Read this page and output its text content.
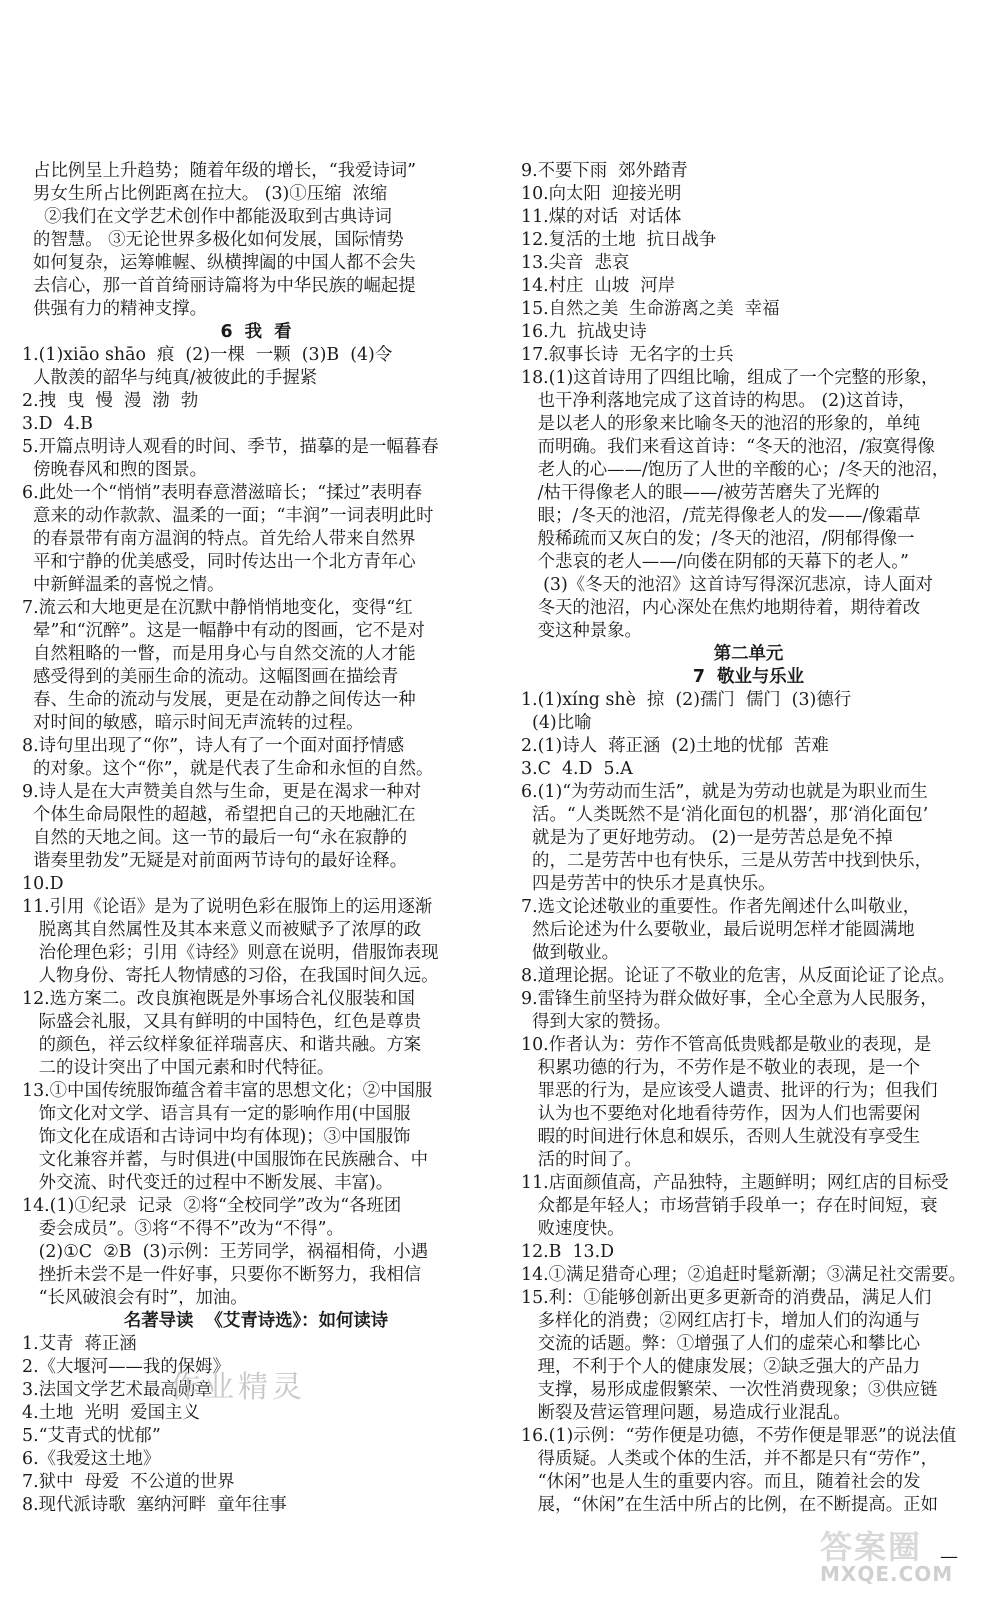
占比例呈上升趋势；随着年级的增长，“我爱诗词”
男女生所占比例距离在拉大。 (3)①压缩  浓缩
②我们在文学艺术创作中都能汲取到古典诗词
的智慧。 ③无论世界多极化如何发展，国际情势
如何复杂，运筹帷幄、纵横捭阖的中国人都不会失
去信心，那一首首绮丽诗篇将为中华民族的崛起提
供强有力的精神支撑。
6  我  看
1.(1)xiāo shāo  痕  (2)一棵  一颗  (3)B  (4)令
人散羡的韶华与纯真/被彼此的手握紧
2.拽  曳  慢  漫  渤  勃
3.D  4.B
5.开篇点明诗人观看的时间、季节，描摹的是一幅暮春
傍晚春风和煦的图景。
6.此处一个“悄悄”表明春意潜滋暗长；“揉过”表明春
意来的动作款款、温柔的一面；“丰润”一词表明此时
的春景带有南方温润的特点。首先给人带来自然界
平和宁静的优美感受，同时传达出一个北方青年心
中新鲜温柔的喜悦之情。
7.流云和大地更是在沉默中静悄悄地变化，变得“红
晕”和“沉醉”。这是一幅静中有动的图画，它不是对
自然粗略的一瞥，而是用身心与自然交流的人才能
感受得到的美丽生命的流动。这幅图画在描绘青
春、生命的流动与发展，更是在动静之间传达一种
对时间的敏感，暗示时间无声流转的过程。
8.诗句里出现了“你”，诗人有了一个面对面抒情感
的对象。这个“你”，就是代表了生命和永恒的自然。
9.诗人是在大声赞美自然与生命，更是在渴求一种对
个体生命局限性的超越，希望把自己的天地融汇在
自然的天地之间。这一节的最后一句“永在寂静的
谐奏里勃发”无疑是对前面两节诗句的最好诠释。
10.D
11.引用《论语》是为了说明色彩在服饰上的运用逐渐
脱离其自然属性及其本来意义而被赋予了浓厚的政
治伦理色彩；引用《诗经》则意在说明，借服饰表现
人物身份、寄托人物情感的习俗，在我国时间久远。
12.选方案二。改良旗袍既是外事场合礼仪服装和国
际盛会礼服，又具有鲜明的中国特色，红色是尊贵
的颜色，祥云纹样象征祥瑞喜庆、和谐共融。方案
二的设计突出了中国元素和时代特征。
13.①中国传统服饰蕴含着丰富的思想文化；②中国服
饰文化对文学、语言具有一定的影响作用(中国服
饰文化在成语和古诗词中均有体现)；③中国服饰
文化兼容并蓄，与时俱进(中国服饰在民族融合、中
外交流、时代变迁的过程中不断发展、丰富)。
14.(1)①纪录  记录  ②将“全校同学”改为“各班团
委会成员”。③将“不得不”改为“不得”。
(2)①C  ②B  (3)示例：王芳同学，祸福相倚，小遇
挫折未尝不是一件好事，只要你不断努力，我相信
“长风破浪会有时”，加油。
名著导读  《艾青诗选》：如何读诗
1.艾青  蒋正涵
2.《大堰河——我的保姆》
3.法国文学艺术最高勋章
4.土地  光明  爱国主义
5.“艾青式的忧郁”
6.《我爱这土地》
7.狱中  母爱  不公道的世界
8.现代派诗歌  塞纳河畔  童年往事
9.不要下雨  郊外踏青
10.向太阳  迎接光明
11.煤的对话  对话体
12.复活的土地  抗日战争
13.尖音  悲哀
14.村庄  山坡  河岸
15.自然之美  生命游离之美  幸福
16.九  抗战史诗
17.叙事长诗  无名字的士兵
18.(1)这首诗用了四组比喻，组成了一个完整的形象，
也干净利落地完成了这首诗的构思。 (2)这首诗，
是以老人的形象来比喻冬天的池沼的形象的，单纯
而明确。我们来看这首诗：“冬天的池沼，/寂寞得像
老人的心——/饱历了人世的辛酸的心；/冬天的池沼，
/枯干得像老人的眼——/被劳苦磨失了光辉的
眼；/冬天的池沼，/荒芜得像老人的发——/像霜草
般稀疏而又灰白的发；/冬天的池沼，/阴郁得像一
个悲哀的老人——/向偻在阴郁的天幕下的老人。”
(3)《冬天的池沼》这首诗写得深沉悲凉，诗人面对
冬天的池沼，内心深处在焦灼地期待着，期待着改
变这种景象。
第二单元
7  敬业与乐业
1.(1)xíng shè  掠  (2)孺门  儒门  (3)德行
(4)比喻
2.(1)诗人  蒋正涵  (2)土地的忧郁  苦难
3.C  4.D  5.A
6.(1)“为劳动而生活”，就是为劳动也就是为职业而生
活。“人类既然不是‘消化面包的机器’，那‘消化面包’
就是为了更好地劳动。 (2)一是劳苦总是免不掉
的，二是劳苦中也有快乐，三是从劳苦中找到快乐，
四是劳苦中的快乐才是真快乐。
7.选文论述敬业的重要性。作者先阐述什么叫敬业，
然后论述为什么要敬业，最后说明怎样才能圆满地
做到敬业。
8.道理论据。论证了不敬业的危害，从反面论证了论点。
9.雷锋生前坚持为群众做好事，全心全意为人民服务，
得到大家的赞扬。
10.作者认为：劳作不管高低贵贱都是敬业的表现，是
积累功德的行为，不劳作是不敬业的表现，是一个
罪恶的行为，是应该受人谴责、批评的行为；但我们
认为也不要绝对化地看待劳作，因为人们也需要闲
暇的时间进行休息和娱乐，否则人生就没有享受生
活的时间了。
11.店面颜值高，产品独特，主题鲜明；网红店的目标受
众都是年轻人；市场营销手段单一；存在时间短，衰
败速度快。
12.B  13.D
14.①满足猎奇心理；②追赶时髦新潮；③满足社交需要。
15.利：①能够创新出更多更新奇的消费品，满足人们
多样化的消费；②网红店打卡，增加人们的沟通与
交流的话题。弊：①增强了人们的虚荣心和攀比心
理，不利于个人的健康发展；②缺乏强大的产品力
支撑，易形成虚假繁荣、一次性消费现象；③供应链
断裂及营运管理问题，易造成行业混乱。
16.(1)示例：“劳作便是功德，不劳作便是罪恶”的说法值
得质疑。人类或个体的生活，并不都是只有“劳作”，
“休闲”也是人生的重要内容。而且，随着社会的发
展，“休闲”在生活中所占的比例，在不断提高。正如
作业精灵
—
答案圈
MXQE.COM
